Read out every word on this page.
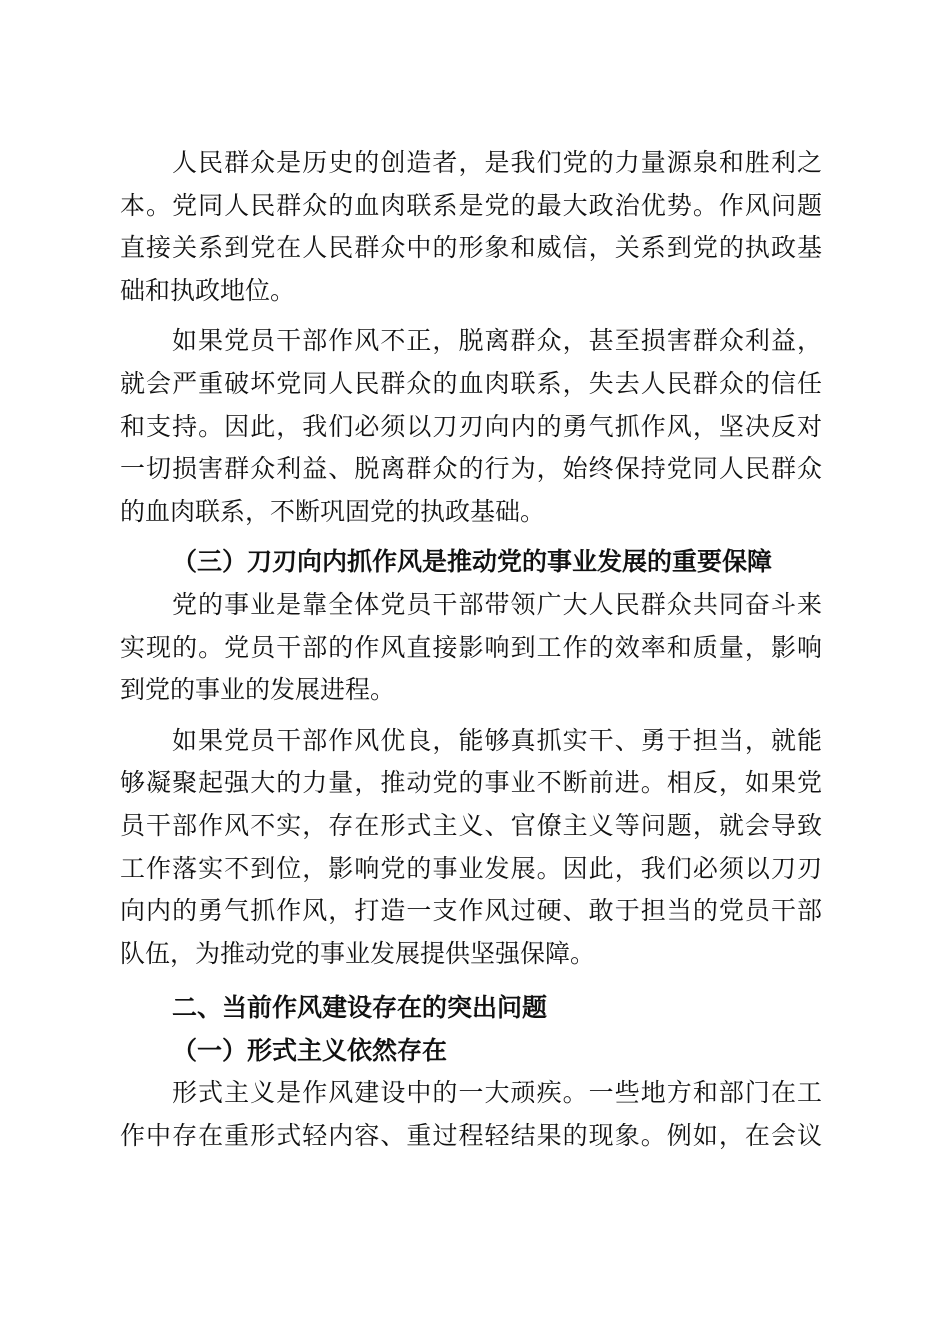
人民群众是历史的创造者，是我们党的力量源泉和胜利之
本。党同人民群众的血肉联系是党的最大政治优势。作风问题
直接关系到党在人民群众中的形象和威信，关系到党的执政基
础和执政地位。
如果党员干部作风不正，脱离群众，甚至损害群众利益，
就会严重破坏党同人民群众的血肉联系，失去人民群众的信任
和支持。因此，我们必须以刀刃向内的勇气抓作风，坚决反对
一切损害群众利益、脱离群众的行为，始终保持党同人民群众
的血肉联系，不断巩固党的执政基础。
（三）刀刃向内抓作风是推动党的事业发展的重要保障
党的事业是靠全体党员干部带领广大人民群众共同奋斗来
实现的。党员干部的作风直接影响到工作的效率和质量，影响
到党的事业的发展进程。
如果党员干部作风优良，能够真抓实干、勇于担当，就能
够凝聚起强大的力量，推动党的事业不断前进。相反，如果党
员干部作风不实，存在形式主义、官僚主义等问题，就会导致
工作落实不到位，影响党的事业发展。因此，我们必须以刀刃
向内的勇气抓作风，打造一支作风过硬、敢于担当的党员干部
队伍，为推动党的事业发展提供坚强保障。
二、当前作风建设存在的突出问题
（一）形式主义依然存在
形式主义是作风建设中的一大顽疾。一些地方和部门在工
作中存在重形式轻内容、重过程轻结果的现象。例如，在会议
